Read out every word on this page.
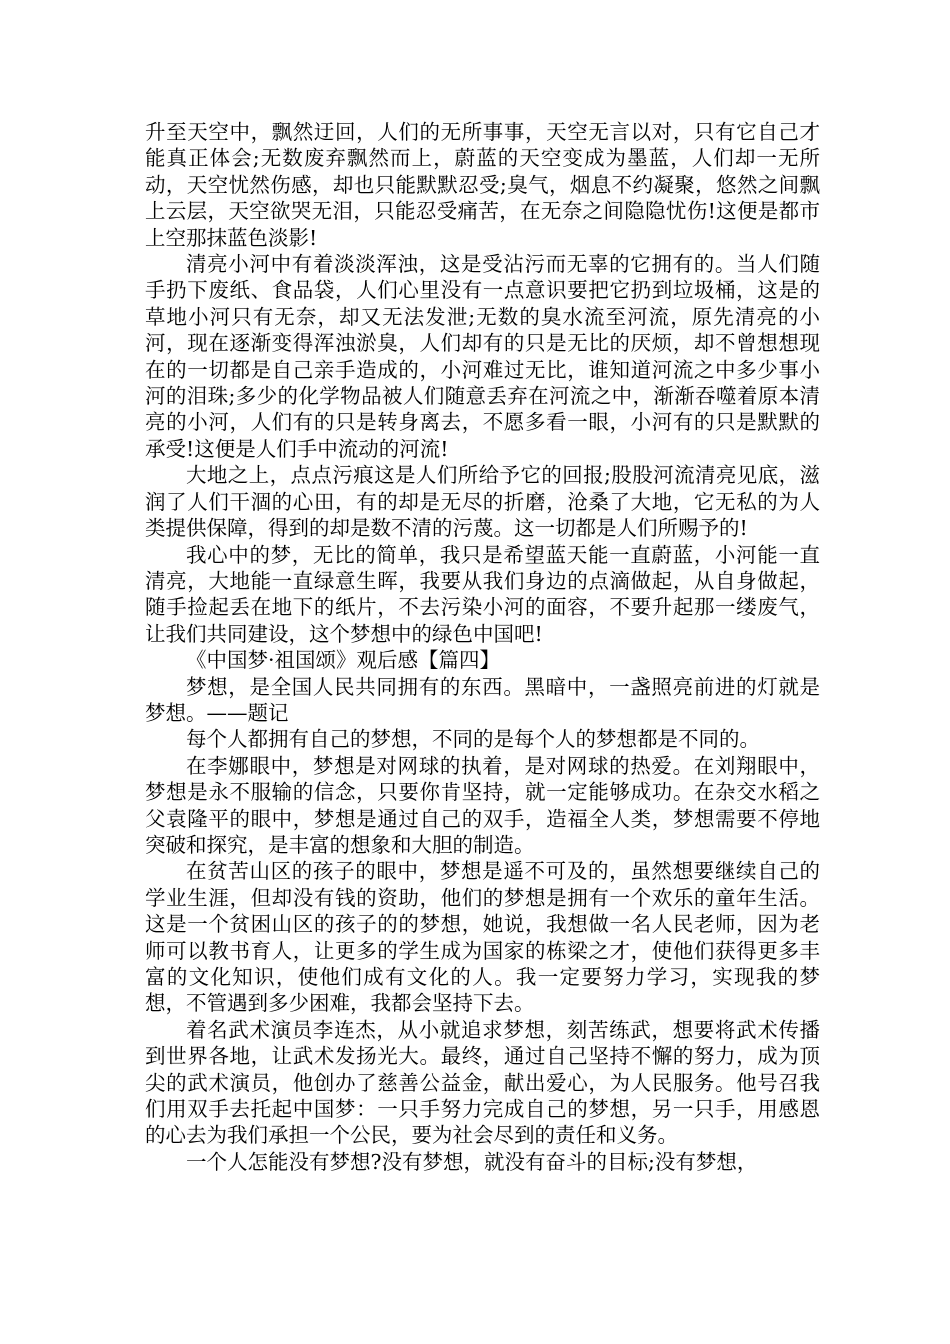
升至天空中，飘然迂回，人们的无所事事，天空无言以对，只有它自己才能真正体会;无数废弃飘然而上，蔚蓝的天空变成为墨蓝，人们却一无所动，天空忧然伤感，却也只能默默忍受;臭气，烟息不约凝聚，悠然之间飘上云层，天空欲哭无泪，只能忍受痛苦，在无奈之间隐隐忧伤!这便是都市上空那抹蓝色淡影!

清亮小河中有着淡淡浑浊，这是受沾污而无辜的它拥有的。当人们随手扔下废纸、食品袋，人们心里没有一点意识要把它扔到垃圾桶，这是的草地小河只有无奈，却又无法发泄;无数的臭水流至河流，原先清亮的小河，现在逐渐变得浑浊淤臭，人们却有的只是无比的厌烦，却不曾想想现在的一切都是自己亲手造成的，小河难过无比，谁知道河流之中多少事小河的泪珠;多少的化学物品被人们随意丢弃在河流之中，渐渐吞噬着原本清亮的小河，人们有的只是转身离去，不愿多看一眼，小河有的只是默默的承受!这便是人们手中流动的河流!

大地之上，点点污痕这是人们所给予它的回报;股股河流清亮见底，滋润了人们干涸的心田，有的却是无尽的折磨，沧桑了大地，它无私的为人类提供保障，得到的却是数不清的污蔑。这一切都是人们所赐予的!

我心中的梦，无比的简单，我只是希望蓝天能一直蔚蓝，小河能一直清亮，大地能一直绿意生晖，我要从我们身边的点滴做起，从自身做起，随手捡起丢在地下的纸片，不去污染小河的面容，不要升起那一缕废气，让我们共同建设，这个梦想中的绿色中国吧!

《中国梦·祖国颂》观后感【篇四】

梦想，是全国人民共同拥有的东西。黑暗中，一盏照亮前进的灯就是梦想。——题记

每个人都拥有自己的梦想，不同的是每个人的梦想都是不同的。

在李娜眼中，梦想是对网球的执着，是对网球的热爱。在刘翔眼中，梦想是永不服输的信念，只要你肯坚持，就一定能够成功。在杂交水稻之父袁隆平的眼中，梦想是通过自己的双手，造福全人类，梦想需要不停地突破和探究，是丰富的想象和大胆的制造。

在贫苦山区的孩子的眼中，梦想是遥不可及的，虽然想要继续自己的学业生涯，但却没有钱的资助，他们的梦想是拥有一个欢乐的童年生活。这是一个贫困山区的孩子的的梦想，她说，我想做一名人民老师，因为老师可以教书育人，让更多的学生成为国家的栋梁之才，使他们获得更多丰富的文化知识，使他们成有文化的人。我一定要努力学习，实现我的梦想，不管遇到多少困难，我都会坚持下去。

着名武术演员李连杰，从小就追求梦想，刻苦练武，想要将武术传播到世界各地，让武术发扬光大。最终，通过自己坚持不懈的努力，成为顶尖的武术演员，他创办了慈善公益金，献出爱心，为人民服务。他号召我们用双手去托起中国梦：一只手努力完成自己的梦想，另一只手，用感恩的心去为我们承担一个公民，要为社会尽到的责任和义务。

一个人怎能没有梦想?没有梦想，就没有奋斗的目标;没有梦想，
